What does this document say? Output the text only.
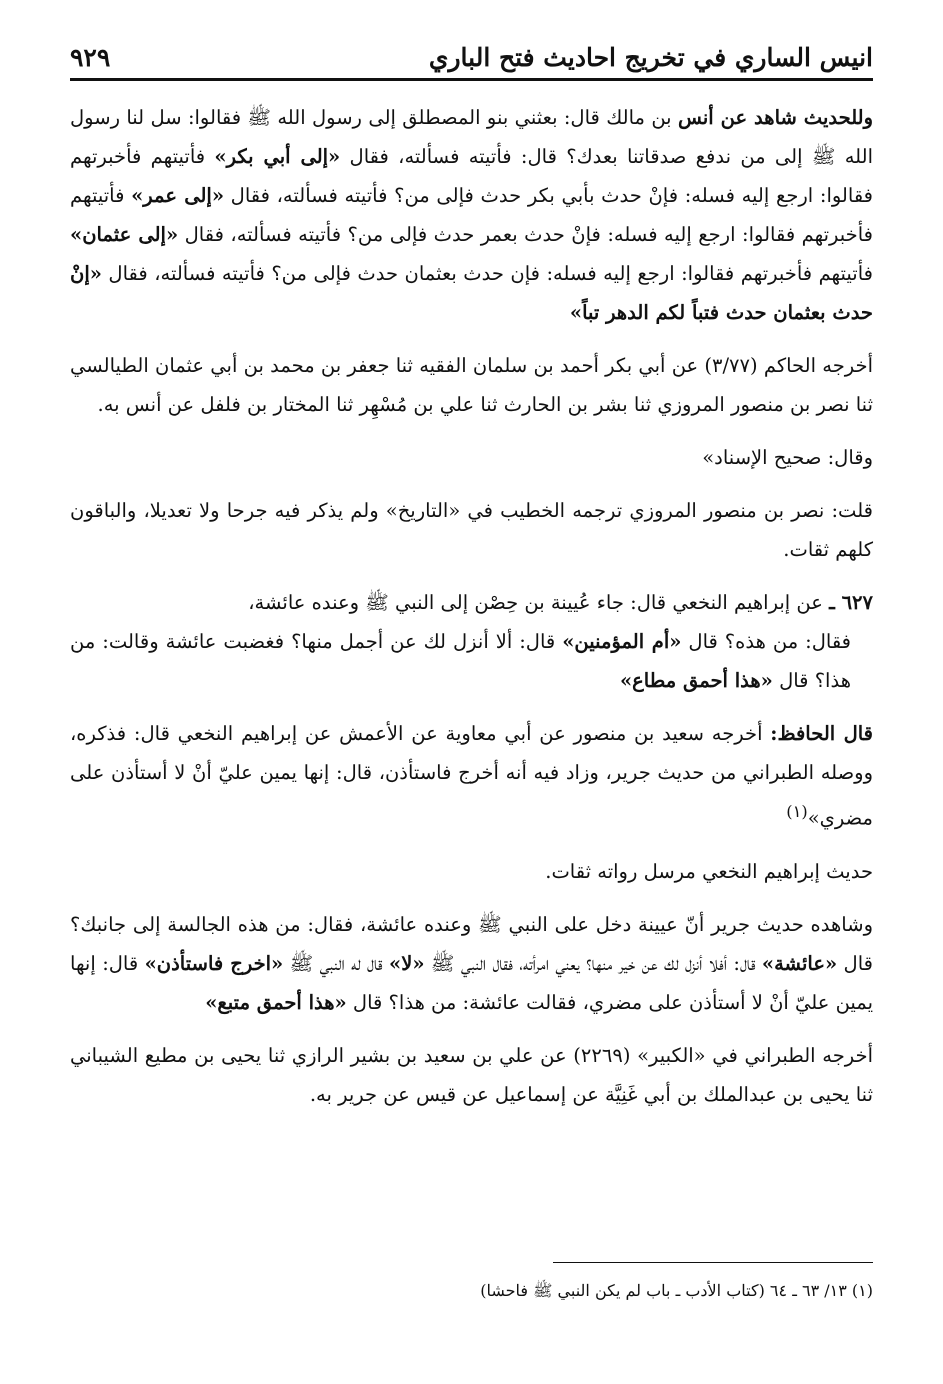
انيس الساري في تخريج احاديث فتح الباري
٩٢٩

وللحديث شاهد عن أنس بن مالك قال: بعثني بنو المصطلق إلى رسول الله ﷺ فقالوا: سل لنا رسول الله ﷺ إلى من ندفع صدقاتنا بعدك؟ قال: فأتيته فسألته، فقال «إلى أبي بكر» فأتيتهم فأخبرتهم فقالوا: ارجع إليه فسله: فإنْ حدث بأبي بكر حدث فإلى من؟ فأتيته فسألته، فقال «إلى عمر» فأتيتهم فأخبرتهم فقالوا: ارجع إليه فسله: فإنْ حدث بعمر حدث فإلى من؟ فأتيته فسألته، فقال «إلى عثمان» فأتيتهم فأخبرتهم فقالوا: ارجع إليه فسله: فإن حدث بعثمان حدث فإلى من؟ فأتيته فسألته، فقال «إنْ حدث بعثمان حدث فتباً لكم الدهر تباً»

أخرجه الحاكم (٣/٧٧) عن أبي بكر أحمد بن سلمان الفقيه ثنا جعفر بن محمد بن أبي عثمان الطيالسي ثنا نصر بن منصور المروزي ثنا بشر بن الحارث ثنا علي بن مُسْهِر ثنا المختار بن فلفل عن أنس به.

وقال: صحيح الإسناد»

قلت: نصر بن منصور المروزي ترجمه الخطيب في «التاريخ» ولم يذكر فيه جرحا ولا تعديلا، والباقون كلهم ثقات.

٦٢٧ ـ عن إبراهيم النخعي قال: جاء عُيينة بن حِصْن إلى النبي ﷺ وعنده عائشة،
فقال: من هذه؟ قال «أم المؤمنين» قال: ألا أنزل لك عن أجمل منها؟ فغضبت عائشة وقالت: من هذا؟ قال «هذا أحمق مطاع»

قال الحافظ: أخرجه سعيد بن منصور عن أبي معاوية عن الأعمش عن إبراهيم النخعي قال: فذكره، ووصله الطبراني من حديث جرير، وزاد فيه أنه أخرج فاستأذن، قال: إنها يمين عليّ أنْ لا أستأذن على مضري»$^{(١)}$

حديث إبراهيم النخعي مرسل رواته ثقات.

وشاهده حديث جرير أنّ عيينة دخل على النبي ﷺ وعنده عائشة، فقال: من هذه الجالسة إلى جانبك؟ قال «عائشة» قال: أفلا أنزل لك عن خير منها؟ يعني امرأته، فقال النبي ﷺ «لا» قال له النبي ﷺ «اخرج فاستأذن» قال: إنها يمين عليّ أنْ لا أستأذن على مضري، فقالت عائشة: من هذا؟ قال «هذا أحمق متبع»

أخرجه الطبراني في «الكبير» (٢٢٦٩) عن علي بن سعيد بن بشير الرازي ثنا يحيى بن مطيع الشيباني ثنا يحيى بن عبدالملك بن أبي غَنِيَّة عن إسماعيل عن قيس عن جرير به.

(١) ١٣/ ٦٣ ـ ٦٤ (كتاب الأدب ـ باب لم يكن النبي ﷺ فاحشا)
